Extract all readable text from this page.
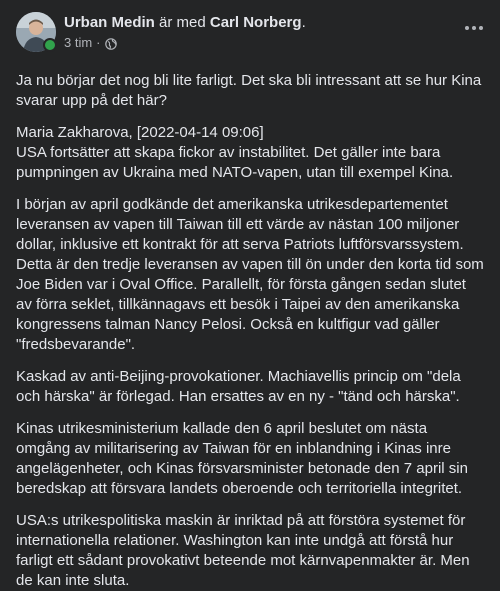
Urban Medin är med Carl Norberg.
3 tim ·

Ja nu börjar det nog bli lite farligt. Det ska bli intressant att se hur Kina svarar upp på det här?

Maria Zakharova, [2022-04-14 09:06]
USA fortsätter att skapa fickor av instabilitet. Det gäller inte bara pumpningen av Ukraina med NATO-vapen, utan till exempel Kina.

I början av april godkände det amerikanska utrikesdepartementet leveransen av vapen till Taiwan till ett värde av nästan 100 miljoner dollar, inklusive ett kontrakt för att serva Patriots luftförsvarssystem. Detta är den tredje leveransen av vapen till ön under den korta tid som Joe Biden var i Oval Office. Parallellt, för första gången sedan slutet av förra seklet, tillkännagavs ett besök i Taipei av den amerikanska kongressens talman Nancy Pelosi. Också en kultfigur vad gäller "fredsbevarande".

Kaskad av anti-Beijing-provokationer. Machiavellis princip om "dela och härska" är förlegad. Han ersattes av en ny - "tänd och härska".

Kinas utrikesministerium kallade den 6 april beslutet om nästa omgång av militarisering av Taiwan för en inblandning i Kinas inre angelägenheter, och Kinas försvarsminister betonade den 7 april sin beredskap att försvara landets oberoende och territoriella integritet.

USA:s utrikespolitiska maskin är inriktad på att förstöra systemet för internationella relationer. Washington kan inte undgå att förstå hur farligt ett sådant provokativt beteende mot kärnvapenmakter är. Men de kan inte sluta.
